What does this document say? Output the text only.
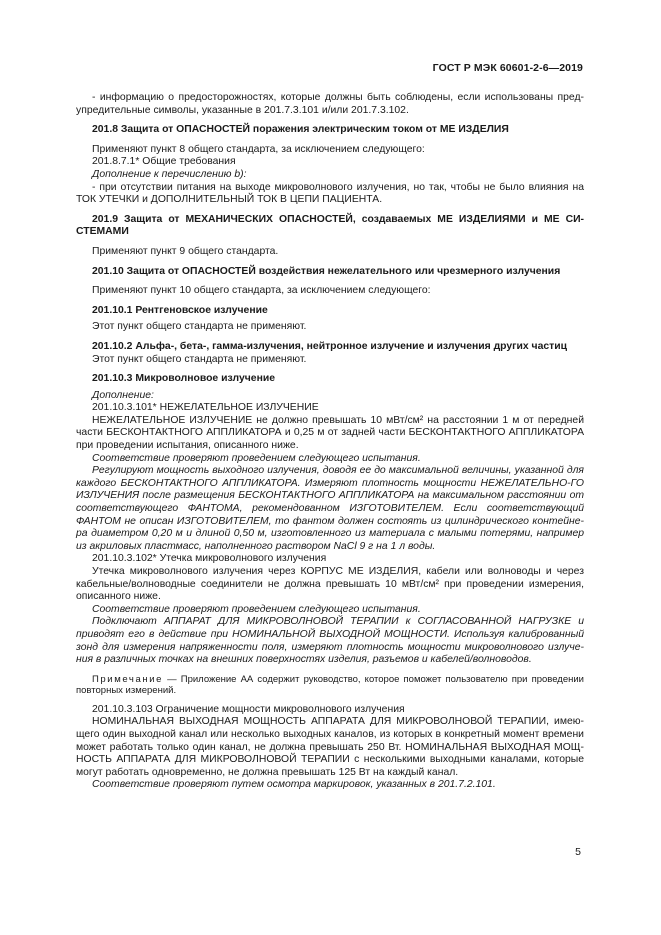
ГОСТ Р МЭК 60601-2-6—2019

- информацию о предосторожностях, которые должны быть соблюдены, если использованы пред-упредительные символы, указанные в 201.7.3.101 и/или 201.7.3.102.

201.8 Защита от ОПАСНОСТЕЙ поражения электрическим током от МЕ ИЗДЕЛИЯ

Применяют пункт 8 общего стандарта, за исключением следующего:

201.8.7.1* Общие требования

Дополнение к перечислению b):

- при отсутствии питания на выходе микроволнового излучения, но так, чтобы не было влияния на ТОК УТЕЧКИ и ДОПОЛНИТЕЛЬНЫЙ ТОК В ЦЕПИ ПАЦИЕНТА.

201.9 Защита от МЕХАНИЧЕСКИХ ОПАСНОСТЕЙ, создаваемых МЕ ИЗДЕЛИЯМИ и МЕ СИ-СТЕМАМИ

Применяют пункт 9 общего стандарта.

201.10 Защита от ОПАСНОСТЕЙ воздействия нежелательного или чрезмерного излучения

Применяют пункт 10 общего стандарта, за исключением следующего:

201.10.1 Рентгеновское излучение

Этот пункт общего стандарта не применяют.

201.10.2 Альфа-, бета-, гамма-излучения, нейтронное излучение и излучения других частиц

Этот пункт общего стандарта не применяют.

201.10.3 Микроволновое излучение

Дополнение:

201.10.3.101* НЕЖЕЛАТЕЛЬНОЕ ИЗЛУЧЕНИЕ

НЕЖЕЛАТЕЛЬНОЕ ИЗЛУЧЕНИЕ не должно превышать 10 мВт/см² на расстоянии 1 м от передней части БЕСКОНТАКТНОГО АППЛИКАТОРА и 0,25 м от задней части БЕСКОНТАКТНОГО АППЛИКАТОРА при проведении испытания, описанного ниже.

Соответствие проверяют проведением следующего испытания.

Регулируют мощность выходного излучения, доводя ее до максимальной величины, указанной для каждого БЕСКОНТАКТНОГО АППЛИКАТОРА. Измеряют плотность мощности НЕЖЕЛАТЕЛЬНО-ГО ИЗЛУЧЕНИЯ после размещения БЕСКОНТАКТНОГО АППЛИКАТОРА на максимальном расстоянии от соответствующего ФАНТОМА, рекомендованном ИЗГОТОВИТЕЛЕМ. Если соответствующий ФАНТОМ не описан ИЗГОТОВИТЕЛЕМ, то фантом должен состоять из цилиндрического контейне-ра диаметром 0,20 м и длиной 0,50 м, изготовленного из материала с малыми потерями, например из акриловых пластмасс, наполненного раствором NaCl 9 г на 1 л воды.

201.10.3.102* Утечка микроволнового излучения

Утечка микроволнового излучения через КОРПУС МЕ ИЗДЕЛИЯ, кабели или волноводы и через кабельные/волноводные соединители не должна превышать 10 мВт/см² при проведении измерения, описанного ниже.

Соответствие проверяют проведением следующего испытания.

Подключают АППАРАТ ДЛЯ МИКРОВОЛНОВОЙ ТЕРАПИИ к СОГЛАСОВАННОЙ НАГРУЗКЕ и приводят его в действие при НОМИНАЛЬНОЙ ВЫХОДНОЙ МОЩНОСТИ. Используя калиброванный зонд для измерения напряженности поля, измеряют плотность мощности микроволнового излуче-ния в различных точках на внешних поверхностях изделия, разъемов и кабелей/волноводов.

Примечание — Приложение АА содержит руководство, которое поможет пользователю при проведении повторных измерений.

201.10.3.103 Ограничение мощности микроволнового излучения

НОМИНАЛЬНАЯ ВЫХОДНАЯ МОЩНОСТЬ АППАРАТА ДЛЯ МИКРОВОЛНОВОЙ ТЕРАПИИ, имею-щего один выходной канал или несколько выходных каналов, из которых в конкретный момент времени может работать только один канал, не должна превышать 250 Вт. НОМИНАЛЬНАЯ ВЫХОДНАЯ МОЩ-НОСТЬ АППАРАТА ДЛЯ МИКРОВОЛНОВОЙ ТЕРАПИИ с несколькими выходными каналами, которые могут работать одновременно, не должна превышать 125 Вт на каждый канал.

Соответствие проверяют путем осмотра маркировок, указанных в 201.7.2.101.

5
